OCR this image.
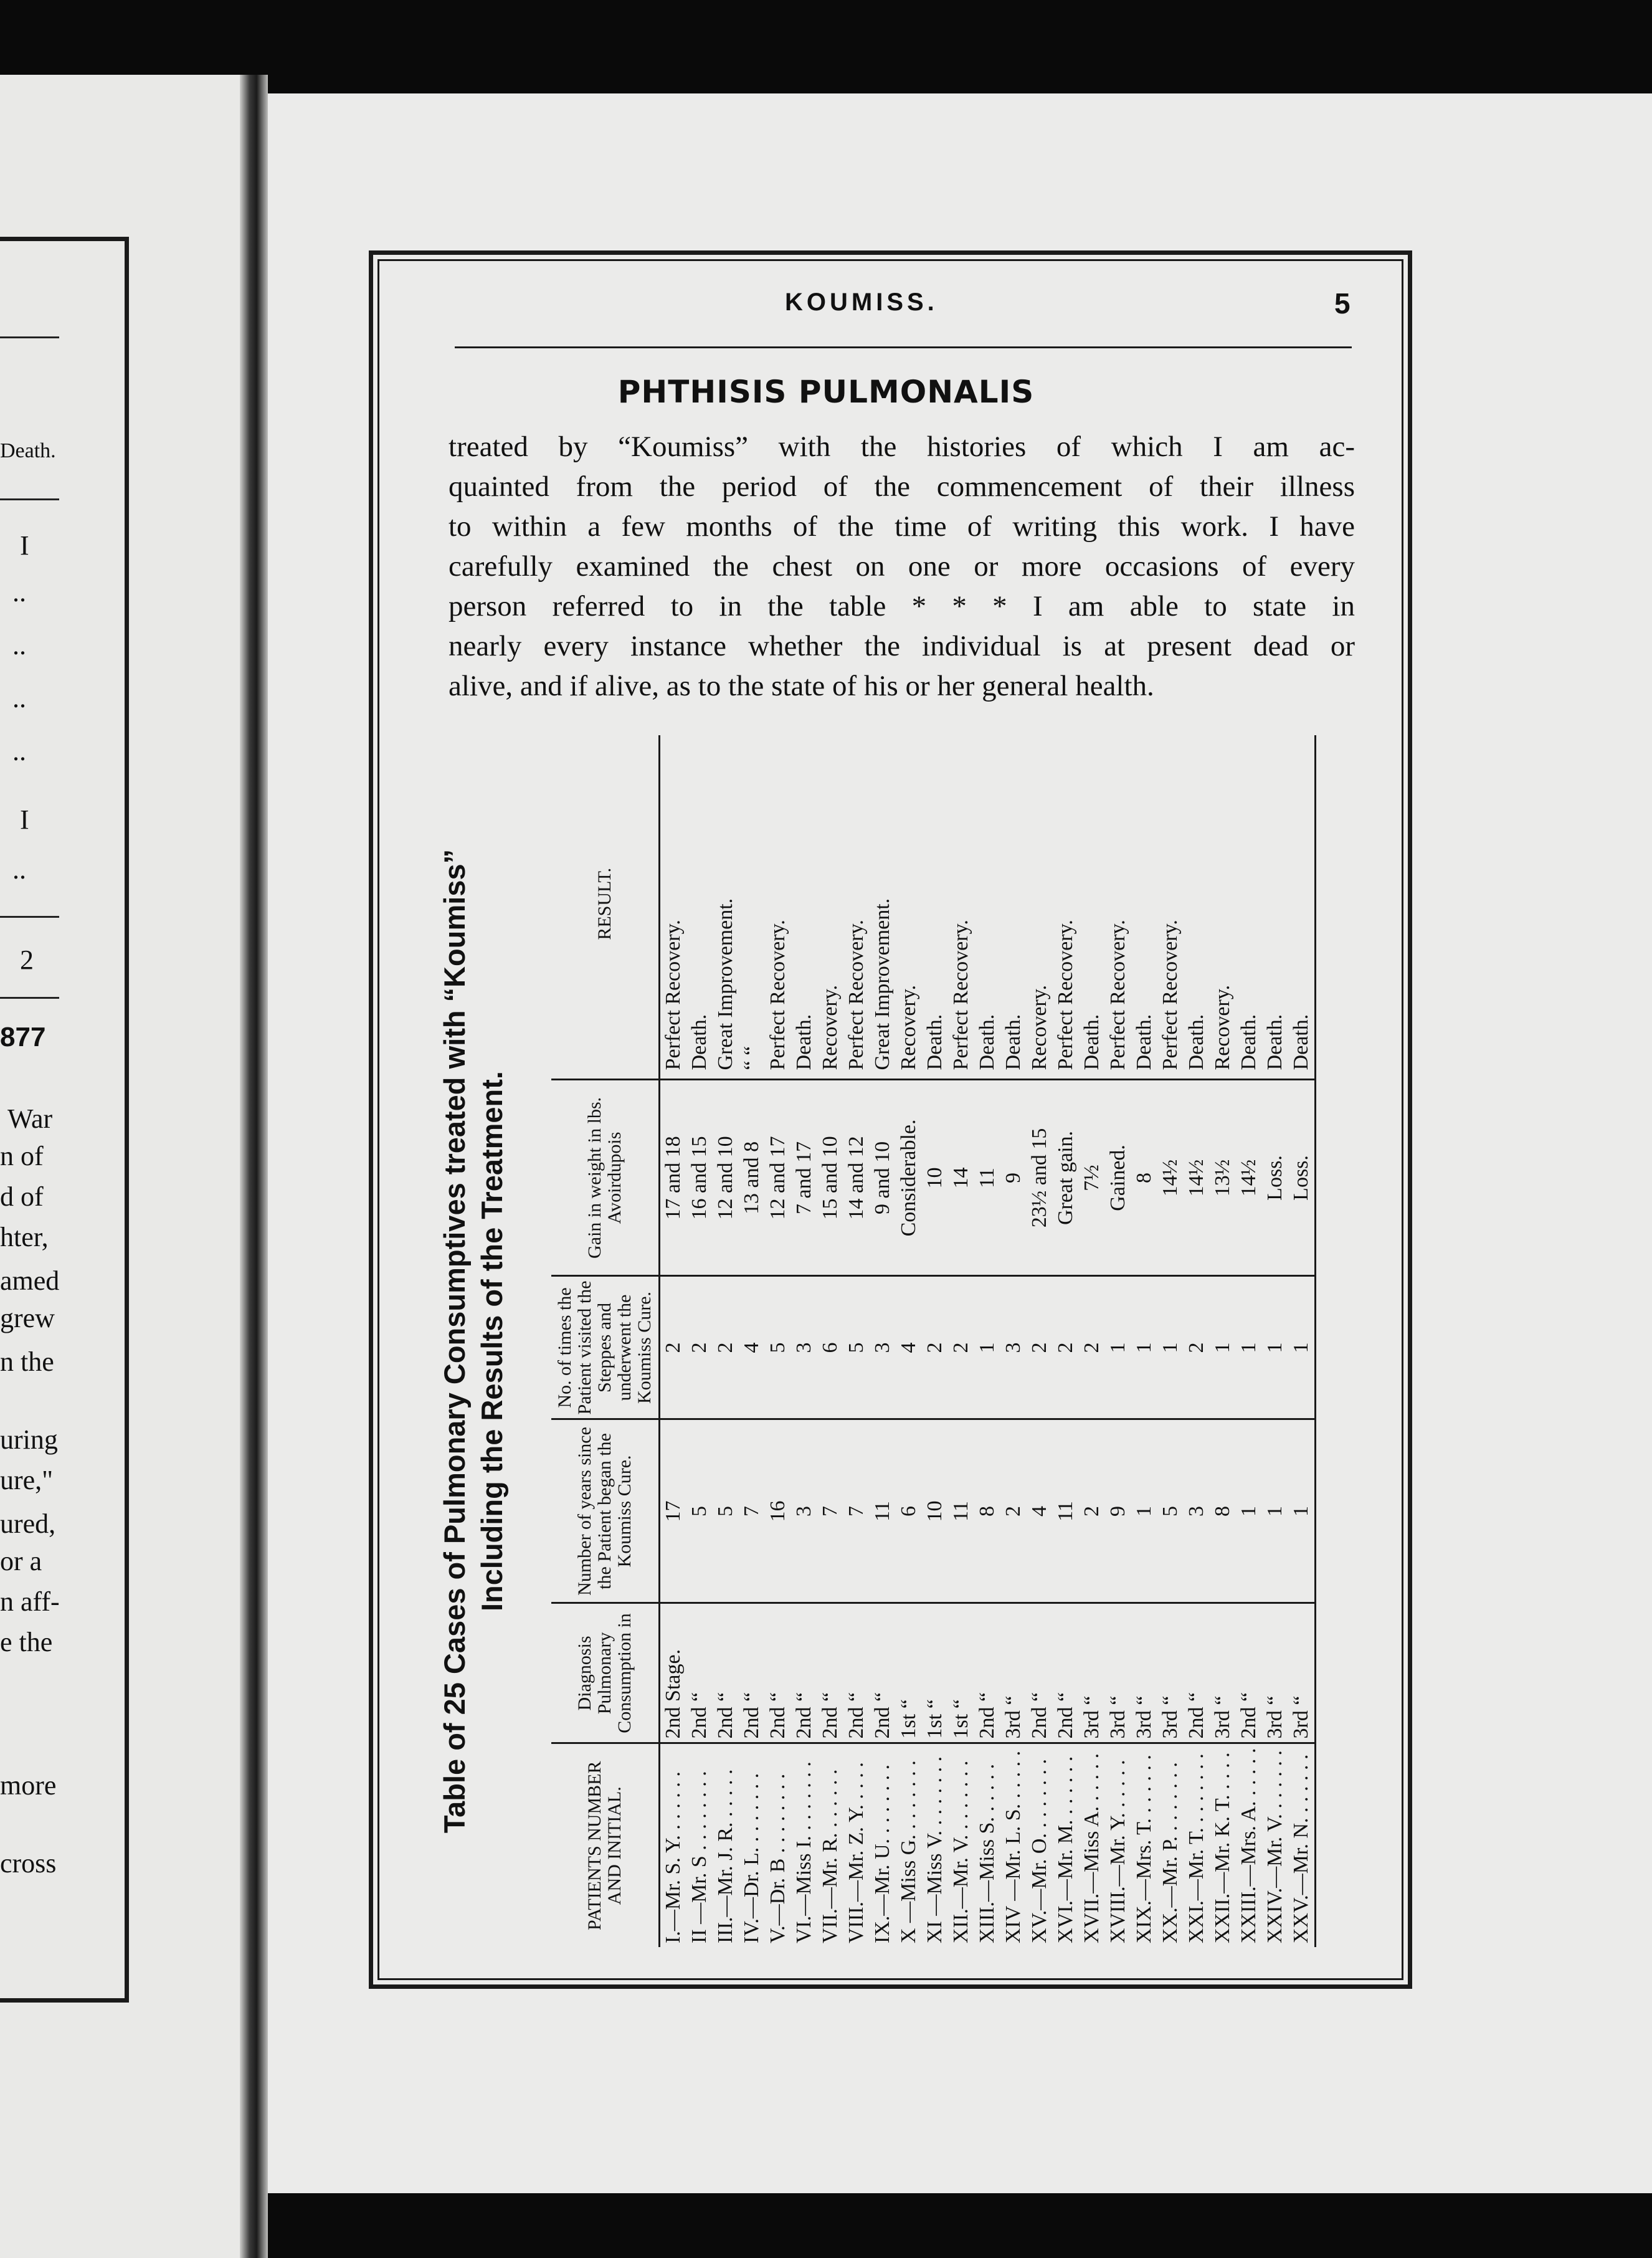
Death.
I
..
..
..
..
I
..
2
877
War
n of
d of
hter,
amed
grew
n the
uring
ure,"
ured,
or a
n aff-
e the
more
cross
KOUMISS.	5
PHTHISIS PULMONALIS
treated by “Koumiss” with the histories of which I am ac-
quainted from the period of the commencement of their illness
to within a few months of the time of writing this work. I have
carefully examined the chest on one or more occasions of every
person referred to in the table * * * I am able to state in
nearly every instance whether the individual is at present dead or
alive, and if alive, as to the state of his or her general health.
Table of 25 Cases of Pulmonary Consumptives treated with “Koumiss” Including the Results of the Treatment.
PATIENTS NUMBER AND INITIAL.	Diagnosis Pulmonary Consumption in	Number of years since the Patient began the Koumiss Cure.	No. of times the Patient visited the Steppes and underwent the Koumiss Cure.	Gain in weight in lbs. Avoirdupois	RESULT.
I.—Mr. S. Y. . . . . . .	2nd Stage.	17	2	17 and 18	Perfect Recovery.
II —Mr. S . . . . . . . .	2nd “	5	2	16 and 15	Death.
III.—Mr. J. R. . . . . .	2nd “	5	2	12 and 10	Great Improvement.
IV.—Dr. L. . . . . . . .	2nd “	7	4	13 and 8	“ “
V.—Dr. B . . . . . . . .	2nd “	16	5	12 and 17	Perfect Recovery.
VI.—Miss I. . . . . . . .	2nd “	3	3	7 and 17	Death.
VII.—Mr. R. . . . . . .	2nd “	7	6	15 and 10	Recovery.
VIII.—Mr. Z. Y. . . . .	2nd “	7	5	14 and 12	Perfect Recovery.
IX.—Mr. U. . . . . . . .	2nd “	11	3	9 and 10	Great Improvement.
X —Miss G. . . . . . . .	1st “	6	4	Considerable.	Recovery.
XI —Miss V. . . . . . . .	1st “	10	2	10	Death.
XII.—Mr. V. . . . . . . .	1st “	11	2	14	Perfect Recovery.
XIII.—Miss S. . . . . .	2nd “	8	1	11	Death.
XIV —Mr. L. S. . . . . .	3rd “	2	3	9	Death.
XV.—Mr. O. . . . . . . .	2nd “	4	2	23½ and 15	Recovery.
XVI.—Mr. M. . . . . . .	2nd “	11	2	Great gain.	Perfect Recovery.
XVII.—Miss A. . . . . .	3rd “	2	2	7½	Death.
XVIII.—Mr. Y. . . . . .	3rd “	9	1	Gained.	Perfect Recovery.
XIX.—Mrs. T. . . . . . .	3rd “	1	1	8	Death.
XX.—Mr. P. . . . . . . .	3rd “	5	1	14½	Perfect Recovery.
XXI.—Mr. T. . . . . . . .	2nd “	3	2	14½	Death.
XXII.—Mr. K. T. . . . .	3rd “	8	1	13½	Recovery.
XXIII.—Mrs. A. . . . . .	2nd “	1	1	14½	Death.
XXIV.—Mr. V. . . . . . .	3rd “	1	1	Loss.	Death.
XXV.—Mr. N. . . . . . .	3rd “	1	1	Loss.	Death.
